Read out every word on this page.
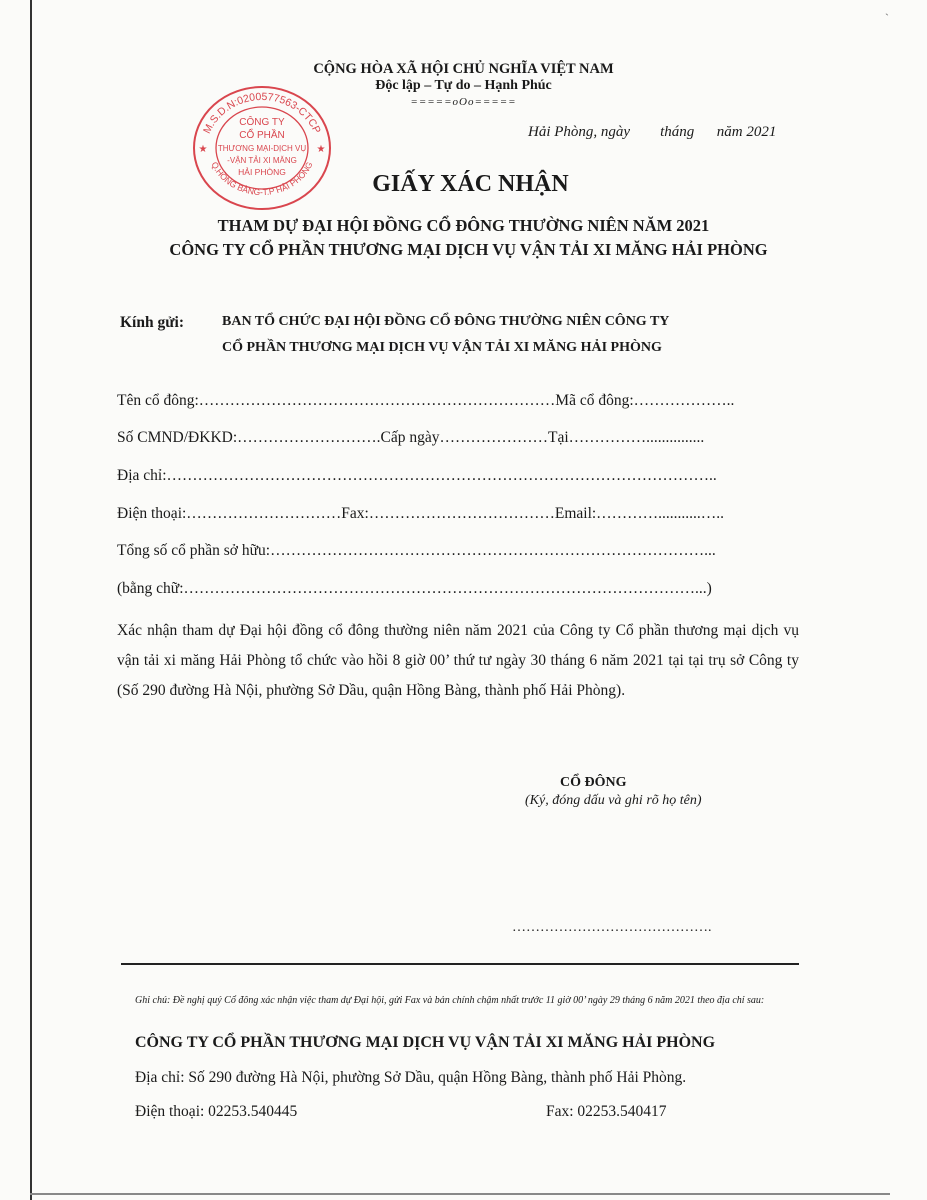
ˎ
M.S.D.N:0200577563-CTCP
Q.HỒNG BÀNG-T.P HẢI PHÒNG
CÔNG TY
CỔ PHẦN
THƯƠNG MẠI-DỊCH VỤ
-VẬN TẢI XI MĂNG
HẢI PHÒNG
★	★
CỘNG HÒA XÃ HỘI CHỦ NGHĨA VIỆT NAM
Độc lập – Tự do – Hạnh Phúc
=====oOo=====
Hải Phòng, ngày        tháng      năm 2021
GIẤY XÁC NHẬN
THAM DỰ ĐẠI HỘI ĐỒNG CỔ ĐÔNG THƯỜNG NIÊN NĂM 2021
CÔNG TY CỔ PHẦN THƯƠNG MẠI DỊCH VỤ VẬN TẢI XI MĂNG HẢI PHÒNG
Kính gửi:	BAN TỔ CHỨC ĐẠI HỘI ĐỒNG CỔ ĐÔNG THƯỜNG NIÊN CÔNG TY
CỔ PHẦN THƯƠNG MẠI DỊCH VỤ VẬN TẢI XI MĂNG HẢI PHÒNG
Tên cổ đông:……………………………………………………………Mã cổ đông:………………..
Số CMND/ĐKKD:……………………….Cấp ngày…………………Tại……………...............
Địa chỉ:……………………………………………………………………………………………..
Điện thoại:…………………………Fax:………………………………Email:…………...........…..
Tổng số cổ phần sở hữu:…………………………………………………………………………...
(bằng chữ:………………………………………………………………………………………...)

Xác nhận tham dự Đại hội đồng cổ đông thường niên năm 2021 của Công ty Cổ phần thương mại dịch vụ vận tải xi măng Hải Phòng tổ chức vào hồi 8 giờ 00’ thứ tư ngày 30 tháng 6 năm 2021 tại tại trụ sở Công ty (Số 290 đường Hà Nội, phường Sở Dầu, quận Hồng Bàng, thành phố Hải Phòng).

CỔ ĐÔNG
(Ký, đóng dấu và ghi rõ họ tên)
…………………………………….
Ghi chú: Đề nghị quý Cổ đông xác nhận việc tham dự Đại hội, gửi Fax và bản chính chậm nhất trước 11 giờ 00’ ngày 29 tháng 6 năm 2021 theo địa chỉ sau:
CÔNG TY CỔ PHẦN THƯƠNG MẠI DỊCH VỤ VẬN TẢI XI MĂNG HẢI PHÒNG
Địa chỉ: Số 290 đường Hà Nội, phường Sở Dầu, quận Hồng Bàng, thành phố Hải Phòng.
Điện thoại: 02253.540445	Fax: 02253.540417
